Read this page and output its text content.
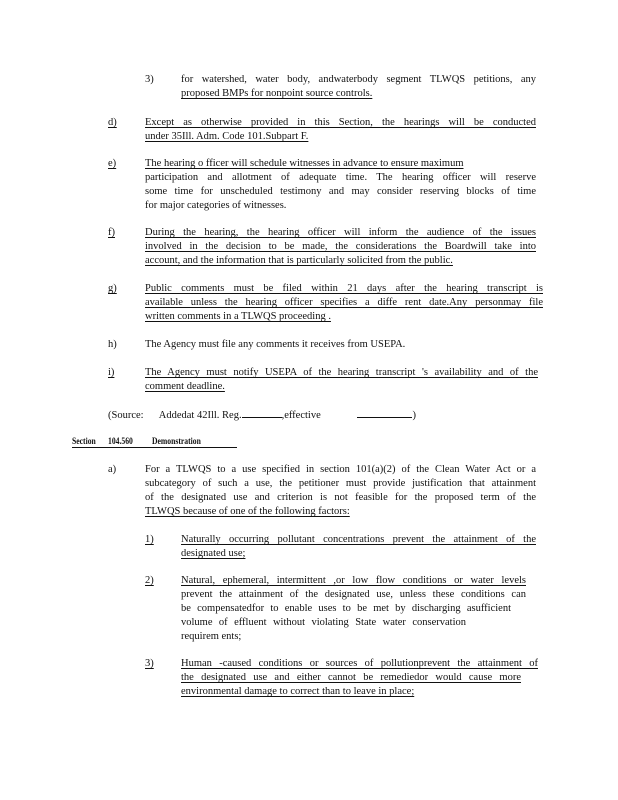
3)	for watershed, water body, andwaterbody segment TLWQS petitions, any

proposed BMPs for nonpoint source controls.

d)	Except as otherwise provided in this Section, the hearings will be conducted

under 35Ill. Adm. Code 101.Subpart F.

e)	The hearing o fficer will schedule witnesses in advance to ensure maximum

participation and allotment of adequate time. The hearing officer will reserve

some time for unscheduled testimony and may consider reserving blocks of time

for major categories of witnesses.

f)	During the hearing, the hearing officer will inform the audience of the issues

involved in the decision to be made, the considerations the Boardwill take into

account, and the information that is particularly solicited from the public.

g)	Public comments must be filed within 21 days after the hearing transcript is

available unless the hearing officer specifies a diffe rent date.Any personmay file

written comments in a TLWQS proceeding .

h)	The Agency must file any comments it receives from USEPA.

i)	The Agency must notify USEPA of the hearing transcript 's availability and of the

comment deadline.

(Source: Addedat 42Ill. Reg.	,effective	)
Section 104.560 Demonstration
a)	For a TLWQS to a use specified in section 101(a)(2) of the Clean Water Act or a

subcategory of such a use, the petitioner must provide justification that attainment

of the designated use and criterion is not feasible for the proposed term of the

TLWQS because of one of the following factors:

1)	Naturally occurring pollutant concentrations prevent the attainment of the

designated use;

2)	Natural, ephemeral, intermittent ,or low flow conditions or water levels

prevent the attainment of the designated use, unless these conditions can

be compensatedfor to enable uses to be met by discharging asufficient

volume of effluent without violating State water conservation

requirem ents;

3)	Human -caused conditions or sources of pollutionprevent the attainment of

the designated use and either cannot be remediedor would cause more

environmental damage to correct than to leave in place;
